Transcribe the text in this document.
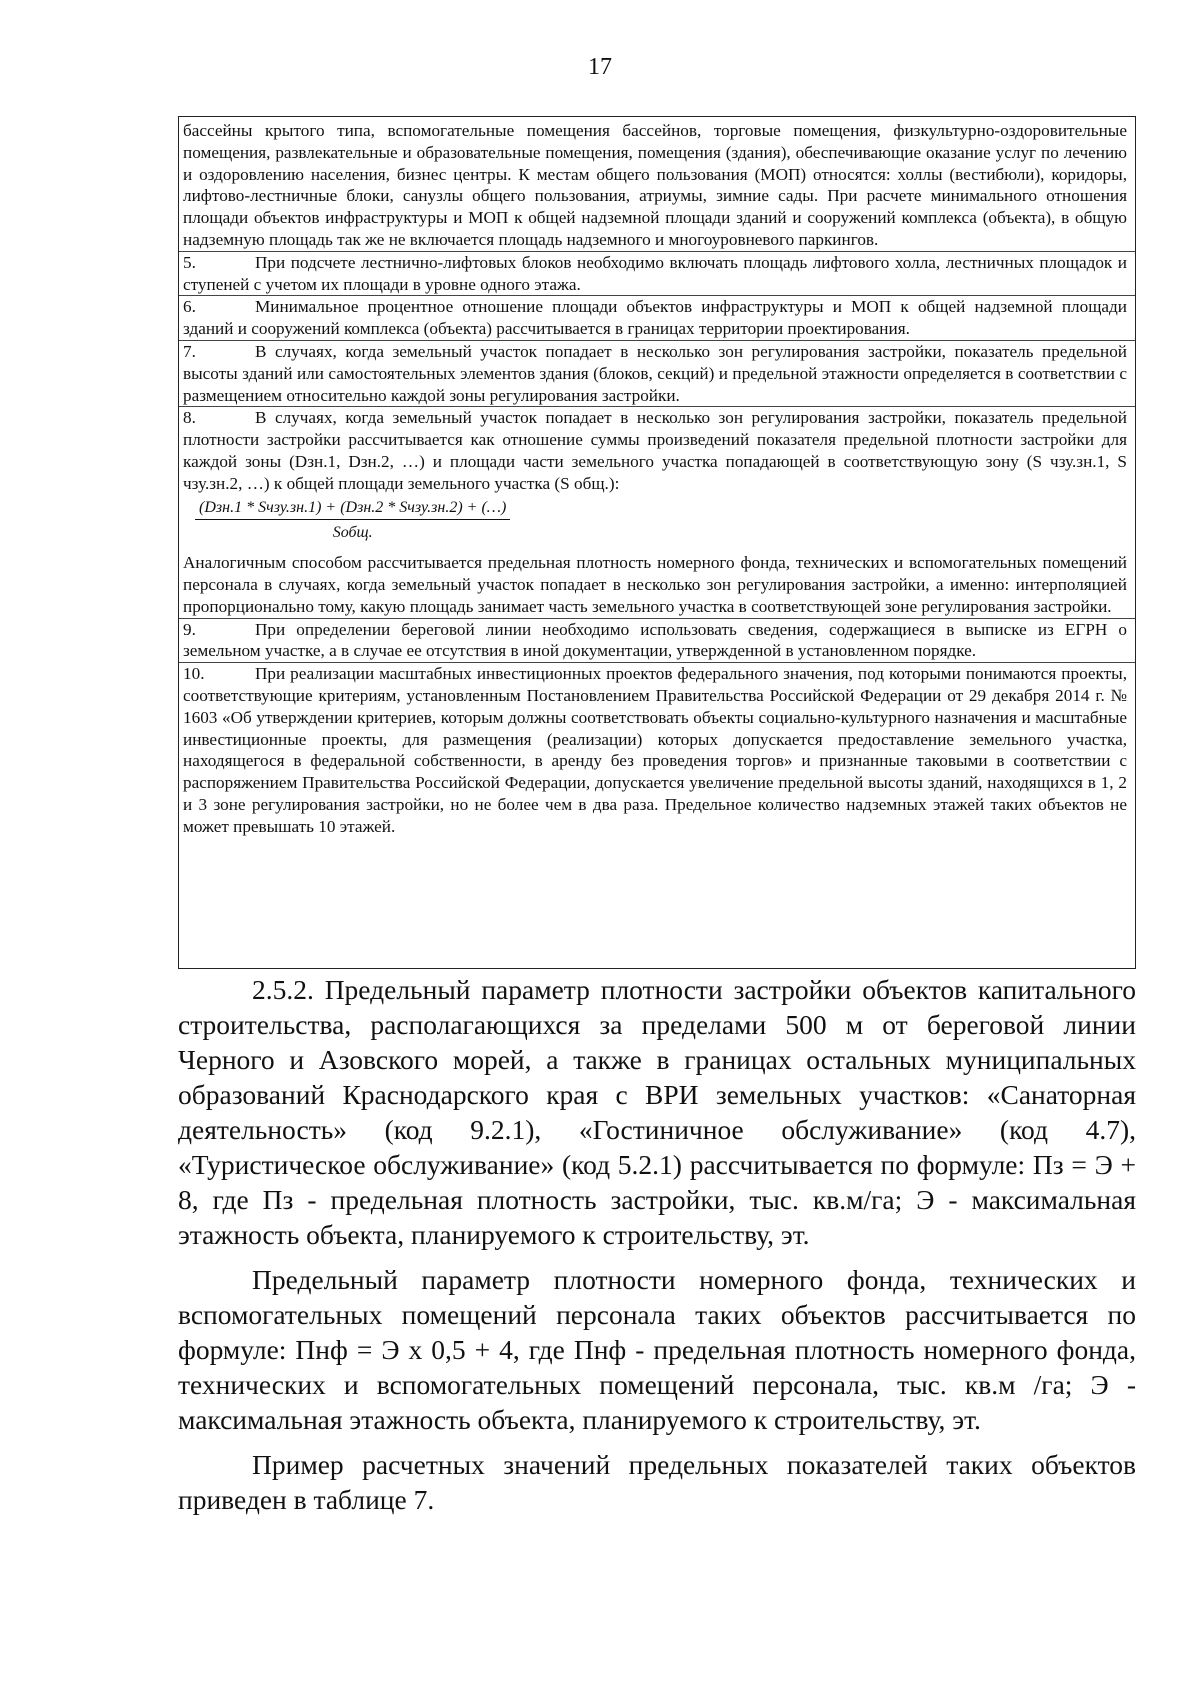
17

бассейны крытого типа, вспомогательные помещения бассейнов, торговые помещения, физкультурно-оздоровительные помещения, развлекательные и образовательные помещения, помещения (здания), обеспечивающие оказание услуг по лечению и оздоровлению населения, бизнес центры. К местам общего пользования (МОП) относятся: холлы (вестибюли), коридоры, лифтово-лестничные блоки, санузлы общего пользования, атриумы, зимние сады. При расчете минимального отношения площади объектов инфраструктуры и МОП к общей надземной площади зданий и сооружений комплекса (объекта), в общую надземную площадь так же не включается площадь надземного и многоуровневого паркингов.

5.	При подсчете лестнично-лифтовых блоков необходимо включать площадь лифтового холла, лестничных площадок и ступеней с учетом их площади в уровне одного этажа.

6.	Минимальное процентное отношение площади объектов инфраструктуры и МОП к общей надземной площади зданий и сооружений комплекса (объекта) рассчитывается в границах территории проектирования.

7.	В случаях, когда земельный участок попадает в несколько зон регулирования застройки, показатель предельной высоты зданий или самостоятельных элементов здания (блоков, секций) и предельной этажности определяется в соответствии с размещением относительно каждой зоны регулирования застройки.

8.	В случаях, когда земельный участок попадает в несколько зон регулирования застройки, показатель предельной плотности застройки рассчитывается как отношение суммы произведений показателя предельной плотности застройки для каждой зоны (Dзн.1, Dзн.2, …) и площади части земельного участка попадающей в соответствующую зону (S чзу.зн.1, S чзу.зн.2, …) к общей площади земельного участка (S общ.):

$\frac{\text{(Dзн.1 * Sчзу.зн.1) + (Dзн.2 * Sчзу.зн.2) + (…)}}{\text{Sобщ.}}$

Аналогичным способом рассчитывается предельная плотность номерного фонда, технических и вспомогательных помещений персонала в случаях, когда земельный участок попадает в несколько зон регулирования застройки, а именно: интерполяцией пропорционально тому, какую площадь занимает часть земельного участка в соответствующей зоне регулирования застройки.

9.	При определении береговой линии необходимо использовать сведения, содержащиеся в выписке из ЕГРН о земельном участке, а в случае ее отсутствия в иной документации, утвержденной в установленном порядке.

10.	При реализации масштабных инвестиционных проектов федерального значения, под которыми понимаются проекты, соответствующие критериям, установленным Постановлением Правительства Российской Федерации от 29 декабря 2014 г. № 1603 «Об утверждении критериев, которым должны соответствовать объекты социально-культурного назначения и масштабные инвестиционные проекты, для размещения (реализации) которых допускается предоставление земельного участка, находящегося в федеральной собственности, в аренду без проведения торгов» и признанные таковыми в соответствии с распоряжением Правительства Российской Федерации, допускается увеличение предельной высоты зданий, находящихся в 1, 2 и 3 зоне регулирования застройки, но не более чем в два раза. Предельное количество надземных этажей таких объектов не может превышать 10 этажей.

2.5.2. Предельный параметр плотности застройки объектов капитального строительства, располагающихся за пределами 500 м от береговой линии Черного и Азовского морей, а также в границах остальных муниципальных образований Краснодарского края с ВРИ земельных участков: «Санаторная деятельность» (код 9.2.1), «Гостиничное обслуживание» (код 4.7), «Туристическое обслуживание» (код 5.2.1) рассчитывается по формуле: Пз = Э + 8, где Пз - предельная плотность застройки, тыс. кв.м/га; Э - максимальная этажность объекта, планируемого к строительству, эт.

Предельный параметр плотности номерного фонда, технических и вспомогательных помещений персонала таких объектов рассчитывается по формуле: Пнф = Э х 0,5 + 4, где Пнф - предельная плотность номерного фонда, технических и вспомогательных помещений персонала, тыс. кв.м /га; Э - максимальная этажность объекта, планируемого к строительству, эт.

Пример расчетных значений предельных показателей таких объектов приведен в таблице 7.
